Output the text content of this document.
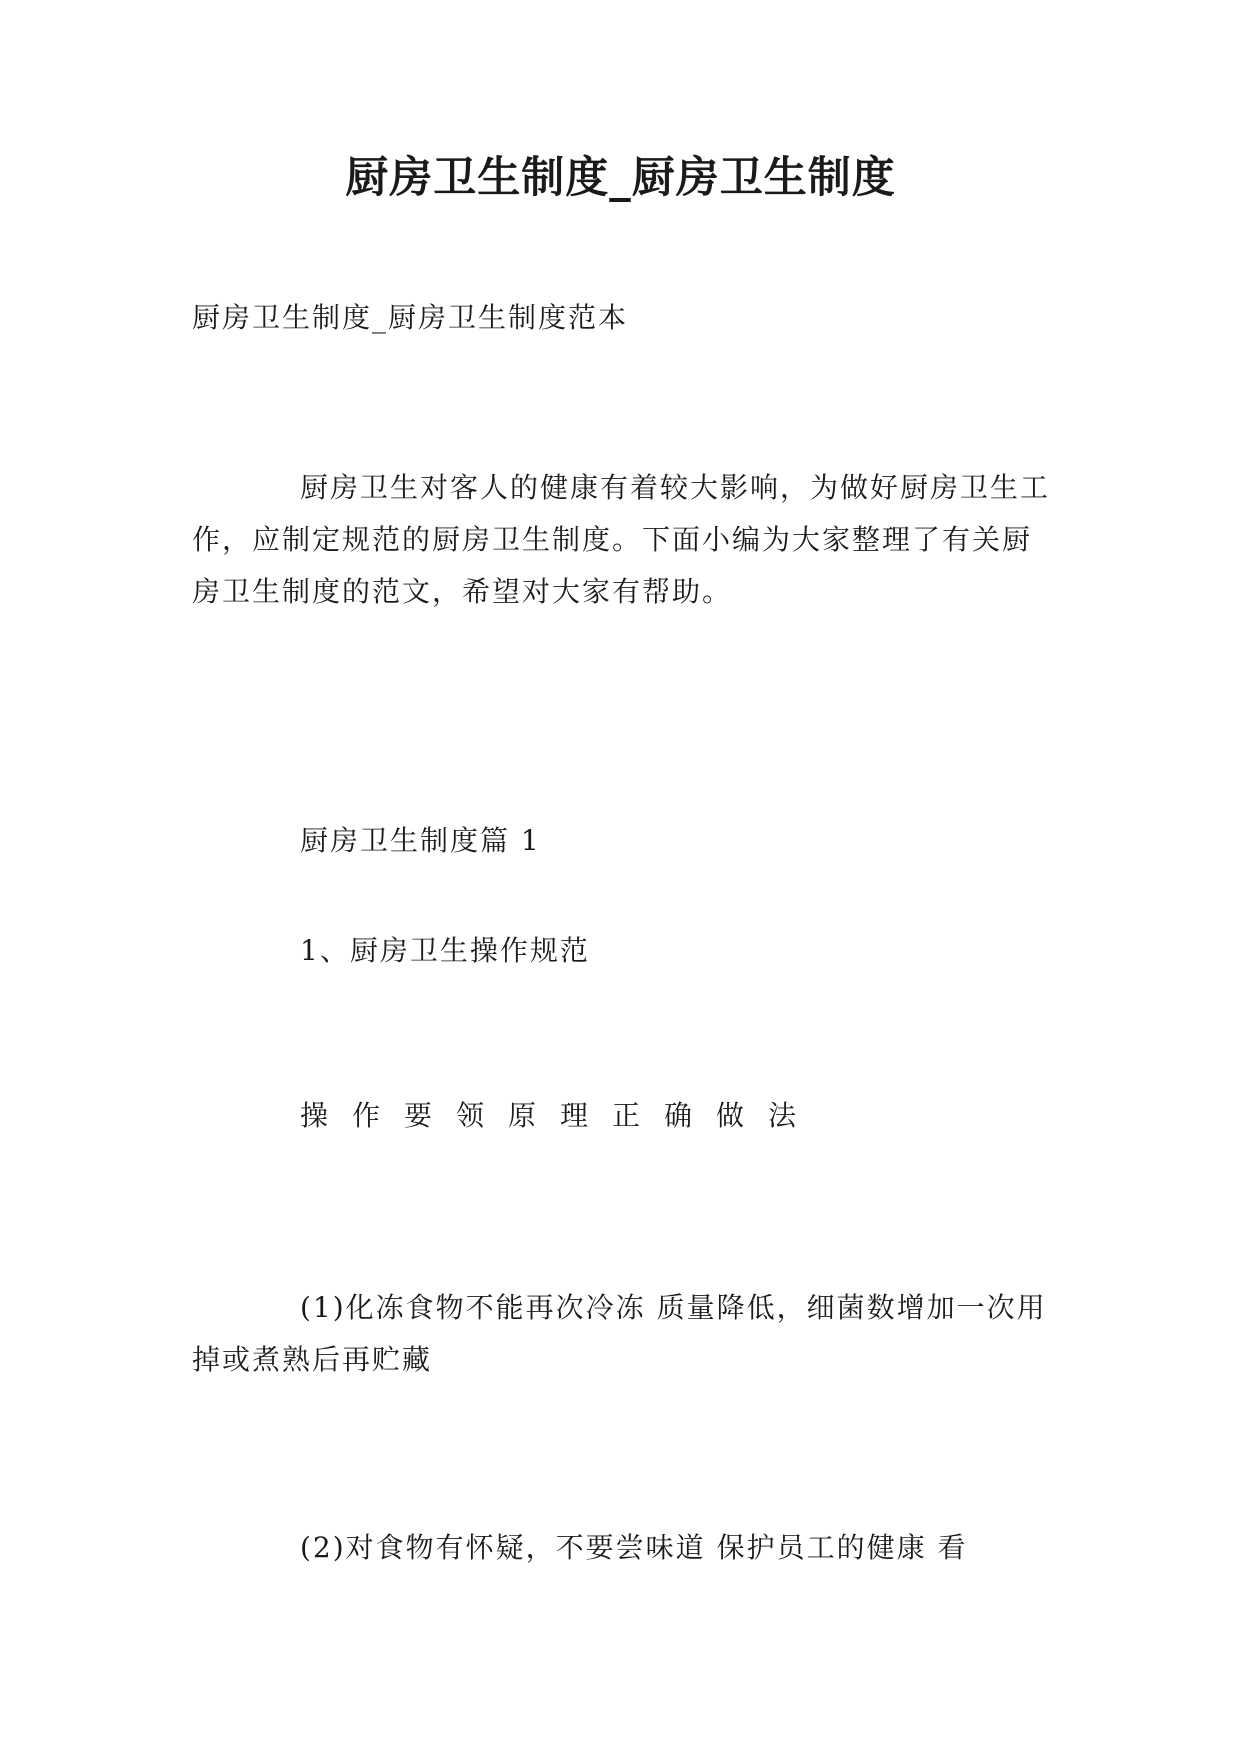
厨房卫生制度_厨房卫生制度

厨房卫生制度_厨房卫生制度范本

厨房卫生对客人的健康有着较大影响，为做好厨房卫生工作，应制定规范的厨房卫生制度。下面小编为大家整理了有关厨房卫生制度的范文，希望对大家有帮助。

厨房卫生制度篇 1

1、厨房卫生操作规范

操作要领原理正确做法

(1)化冻食物不能再次冷冻 质量降低，细菌数增加一次用掉或煮熟后再贮藏

(2)对食物有怀疑，不要尝味道 保护员工的健康 看
